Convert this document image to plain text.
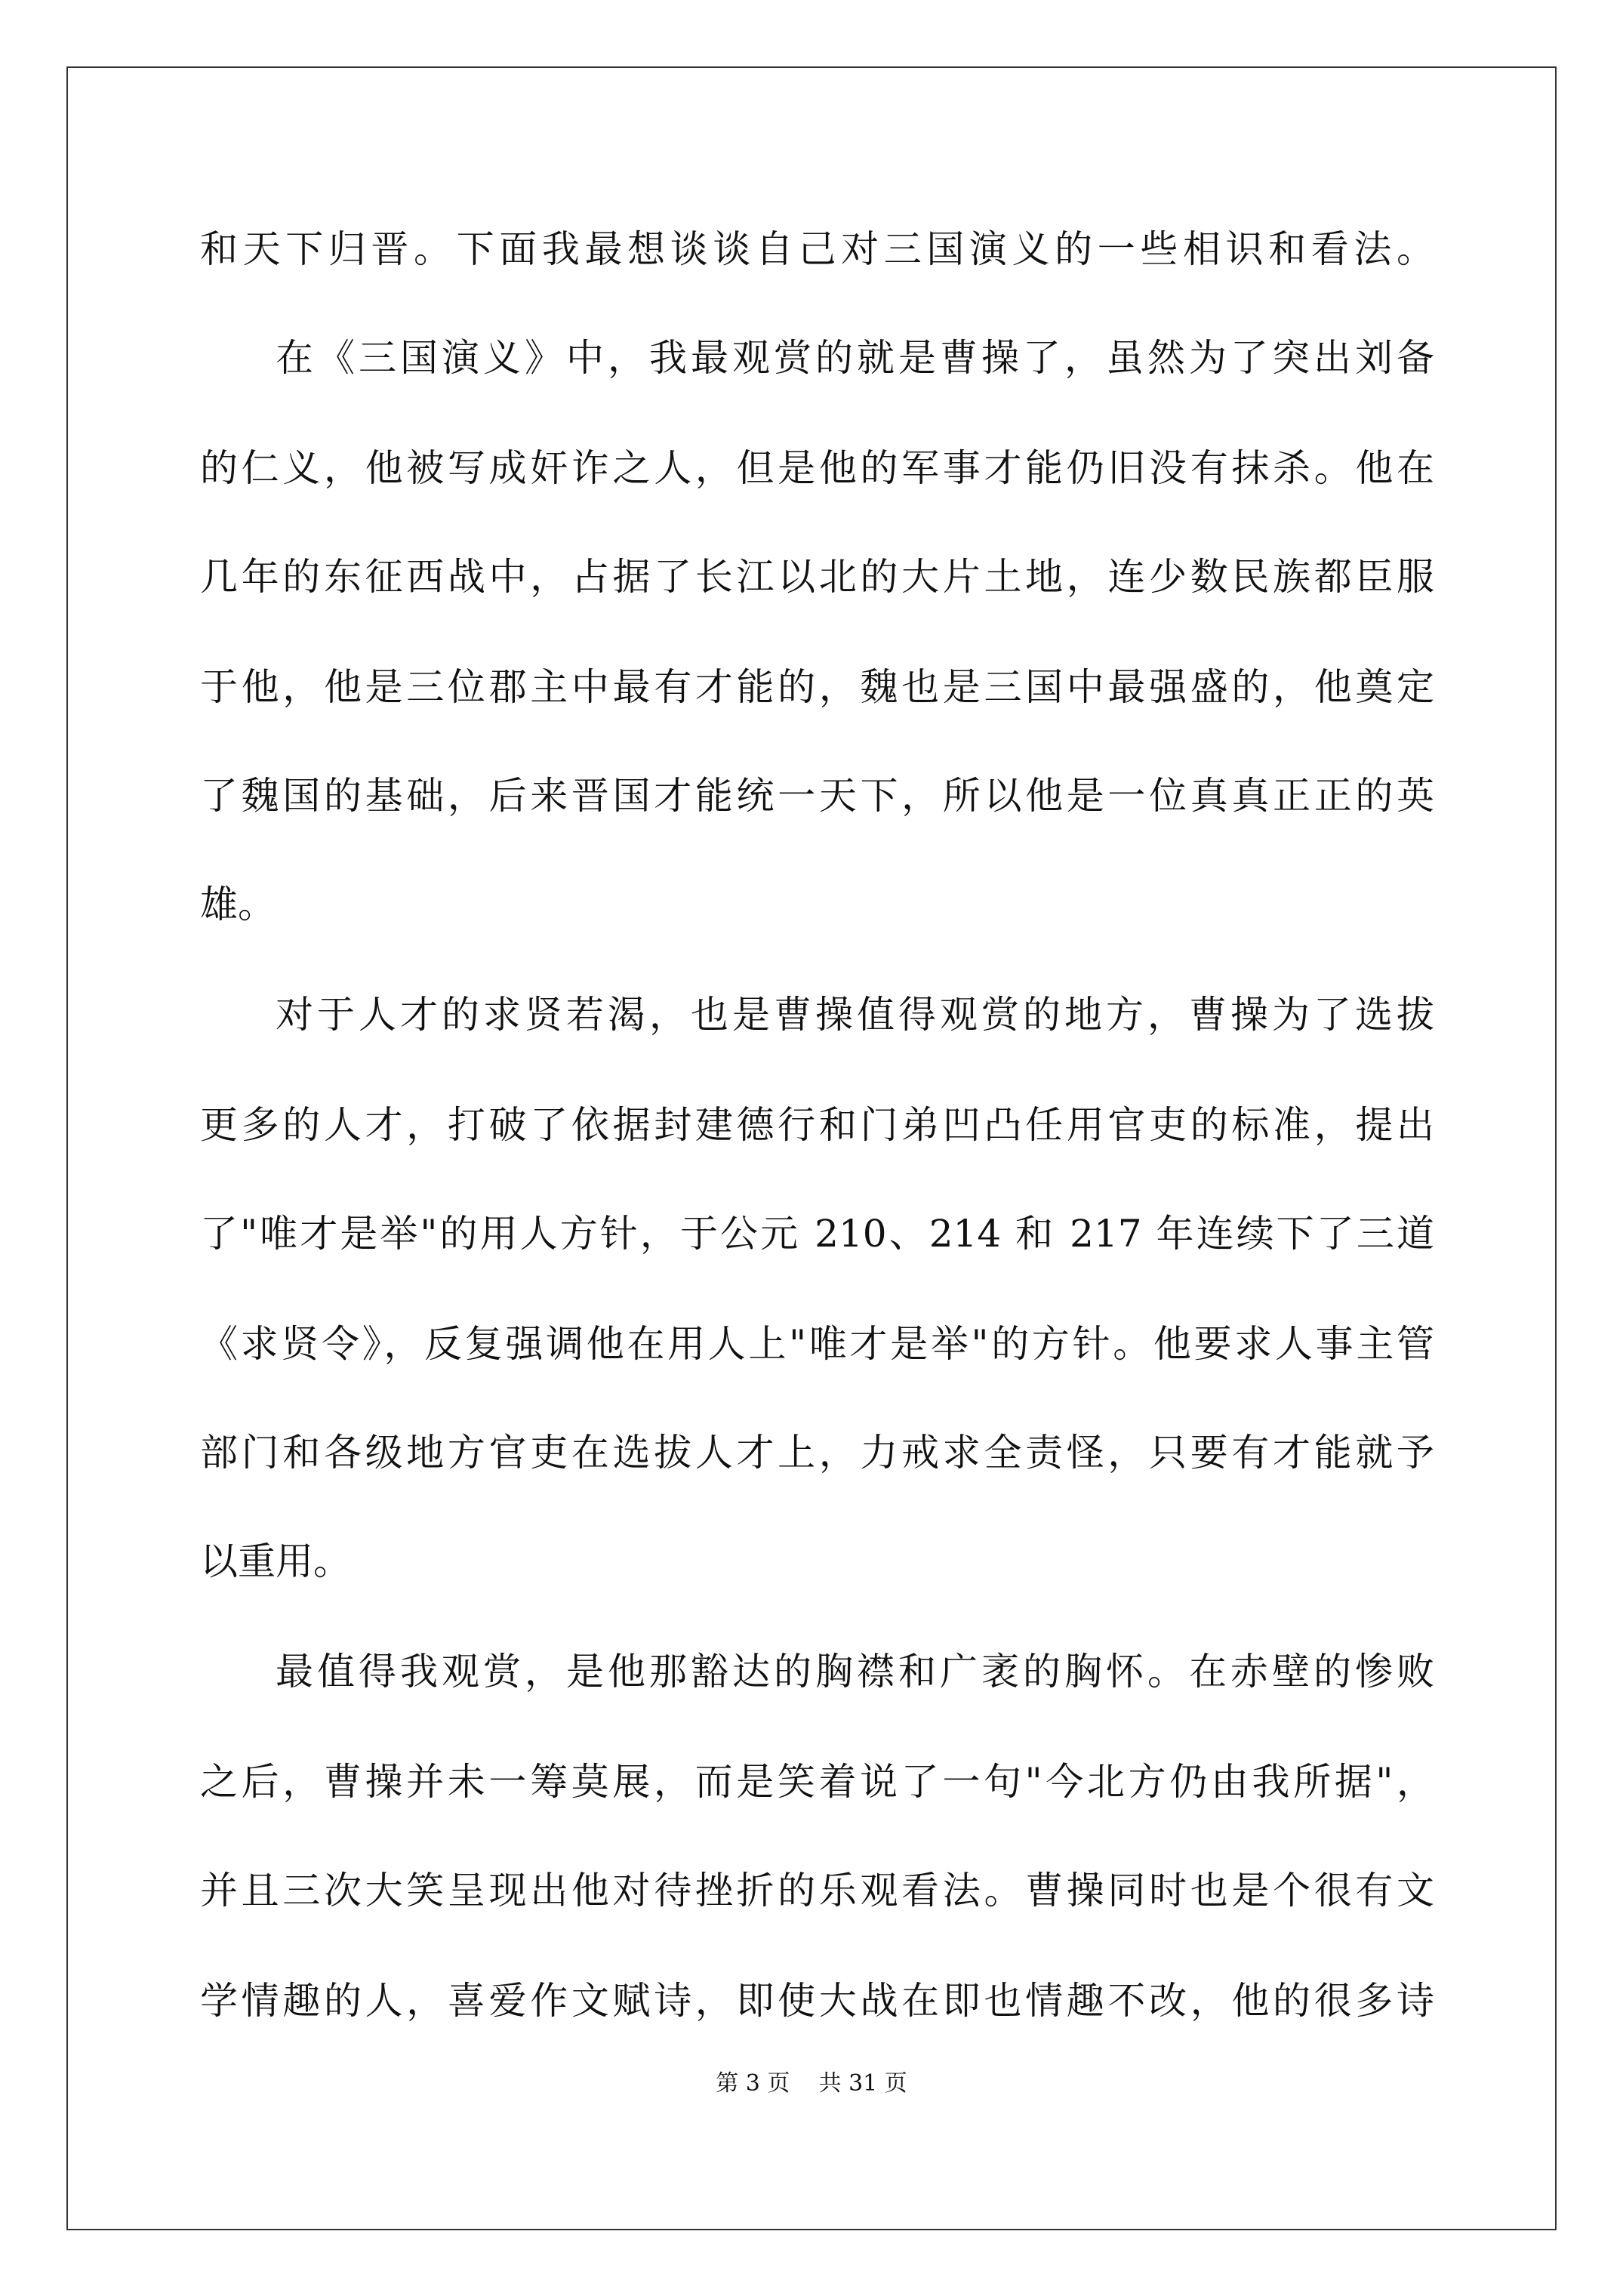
和天下归晋。下面我最想谈谈自己对三国演义的一些相识和看法。
在《三国演义》中，我最观赏的就是曹操了，虽然为了突出刘备
的仁义，他被写成奸诈之人，但是他的军事才能仍旧没有抹杀。他在
几年的东征西战中，占据了长江以北的大片土地，连少数民族都臣服
于他，他是三位郡主中最有才能的，魏也是三国中最强盛的，他奠定
了魏国的基础，后来晋国才能统一天下，所以他是一位真真正正的英
雄。
对于人才的求贤若渴，也是曹操值得观赏的地方，曹操为了选拔
更多的人才，打破了依据封建德行和门弟凹凸任用官吏的标准，提出
了"唯才是举"的用人方针，于公元 210、214 和 217 年连续下了三道
《求贤令》，反复强调他在用人上"唯才是举"的方针。他要求人事主管
部门和各级地方官吏在选拔人才上，力戒求全责怪，只要有才能就予
以重用。
最值得我观赏，是他那豁达的胸襟和广袤的胸怀。在赤壁的惨败
之后，曹操并未一筹莫展，而是笑着说了一句"今北方仍由我所据"，
并且三次大笑呈现出他对待挫折的乐观看法。曹操同时也是个很有文
学情趣的人，喜爱作文赋诗，即使大战在即也情趣不改，他的很多诗
第 3 页 共 31 页
